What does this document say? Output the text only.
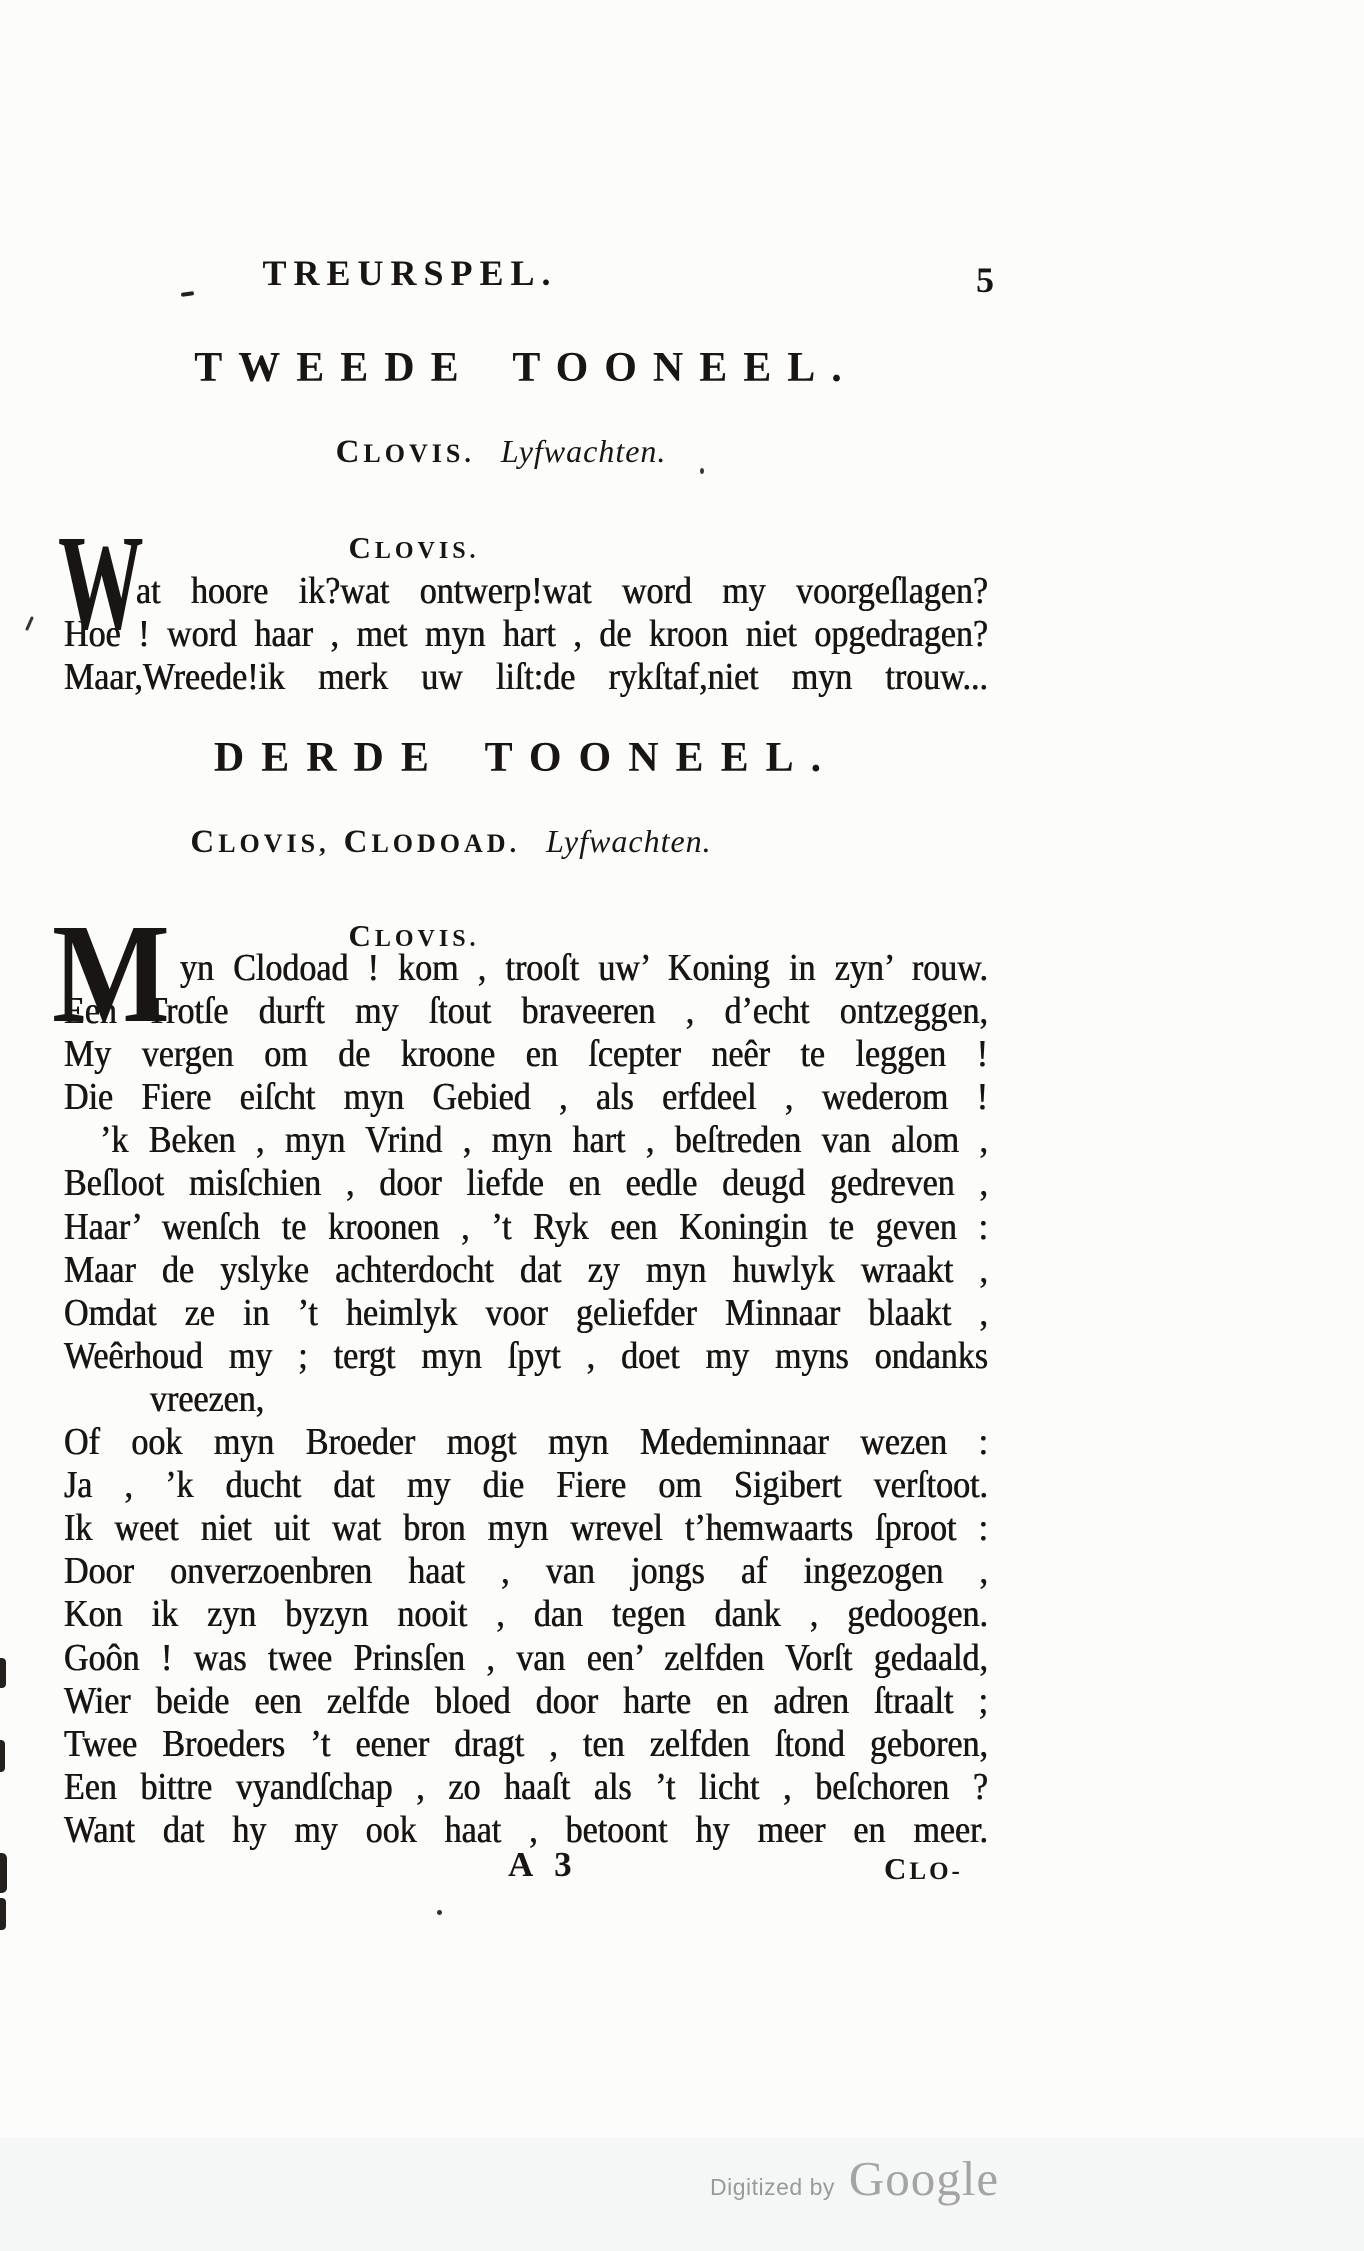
TREURSPEL.	5
TWEEDE TOONEEL.
CLOVIS. Lyfwachten.
CLOVIS.
W
at hoore ik?wat ontwerp!wat word my voorgeſlagen?
Hoe ! word haar , met myn hart , de kroon niet opgedragen?
Maar,Wreede!ik merk uw liſt:de rykſtaf,niet myn trouw...
DERDE TOONEEL.
CLOVIS, CLODOAD. Lyfwachten.
CLOVIS.
M yn Clodoad ! kom , trooſt uw’ Koning in zyn’ rouw.
Een Trotſe durft my ſtout braveeren , d’echt ontzeggen,
My vergen om de kroone en ſcepter neêr te leggen !
Die Fiere eiſcht myn Gebied , als erfdeel , wederom !
’k Beken , myn Vrind , myn hart , beſtreden van alom ,
Beſloot misſchien , door liefde en eedle deugd gedreven ,
Haar’ wenſch te kroonen , ’t Ryk een Koningin te geven :
Maar de yslyke achterdocht dat zy myn huwlyk wraakt ,
Omdat ze in ’t heimlyk voor geliefder Minnaar blaakt ,
Weêrhoud my ; tergt myn ſpyt , doet my myns ondanks
vreezen,
Of ook myn Broeder mogt myn Medeminnaar wezen :
Ja , ’k ducht dat my die Fiere om Sigibert verſtoot.
Ik weet niet uit wat bron myn wrevel t’hemwaarts ſproot :
Door onverzoenbren haat , van jongs af ingezogen ,
Kon ik zyn byzyn nooit , dan tegen dank , gedoogen.
Goôn ! was twee Prinsſen , van een’ zelfden Vorſt gedaald,
Wier beide een zelfde bloed door harte en adren ſtraalt ;
Twee Broeders ’t eener dragt , ten zelfden ſtond geboren,
Een bittre vyandſchap , zo haaſt als ’t licht , beſchoren ?
Want dat hy my ook haat , betoont hy meer en meer.
A 3	CLO-
Digitized by Google
